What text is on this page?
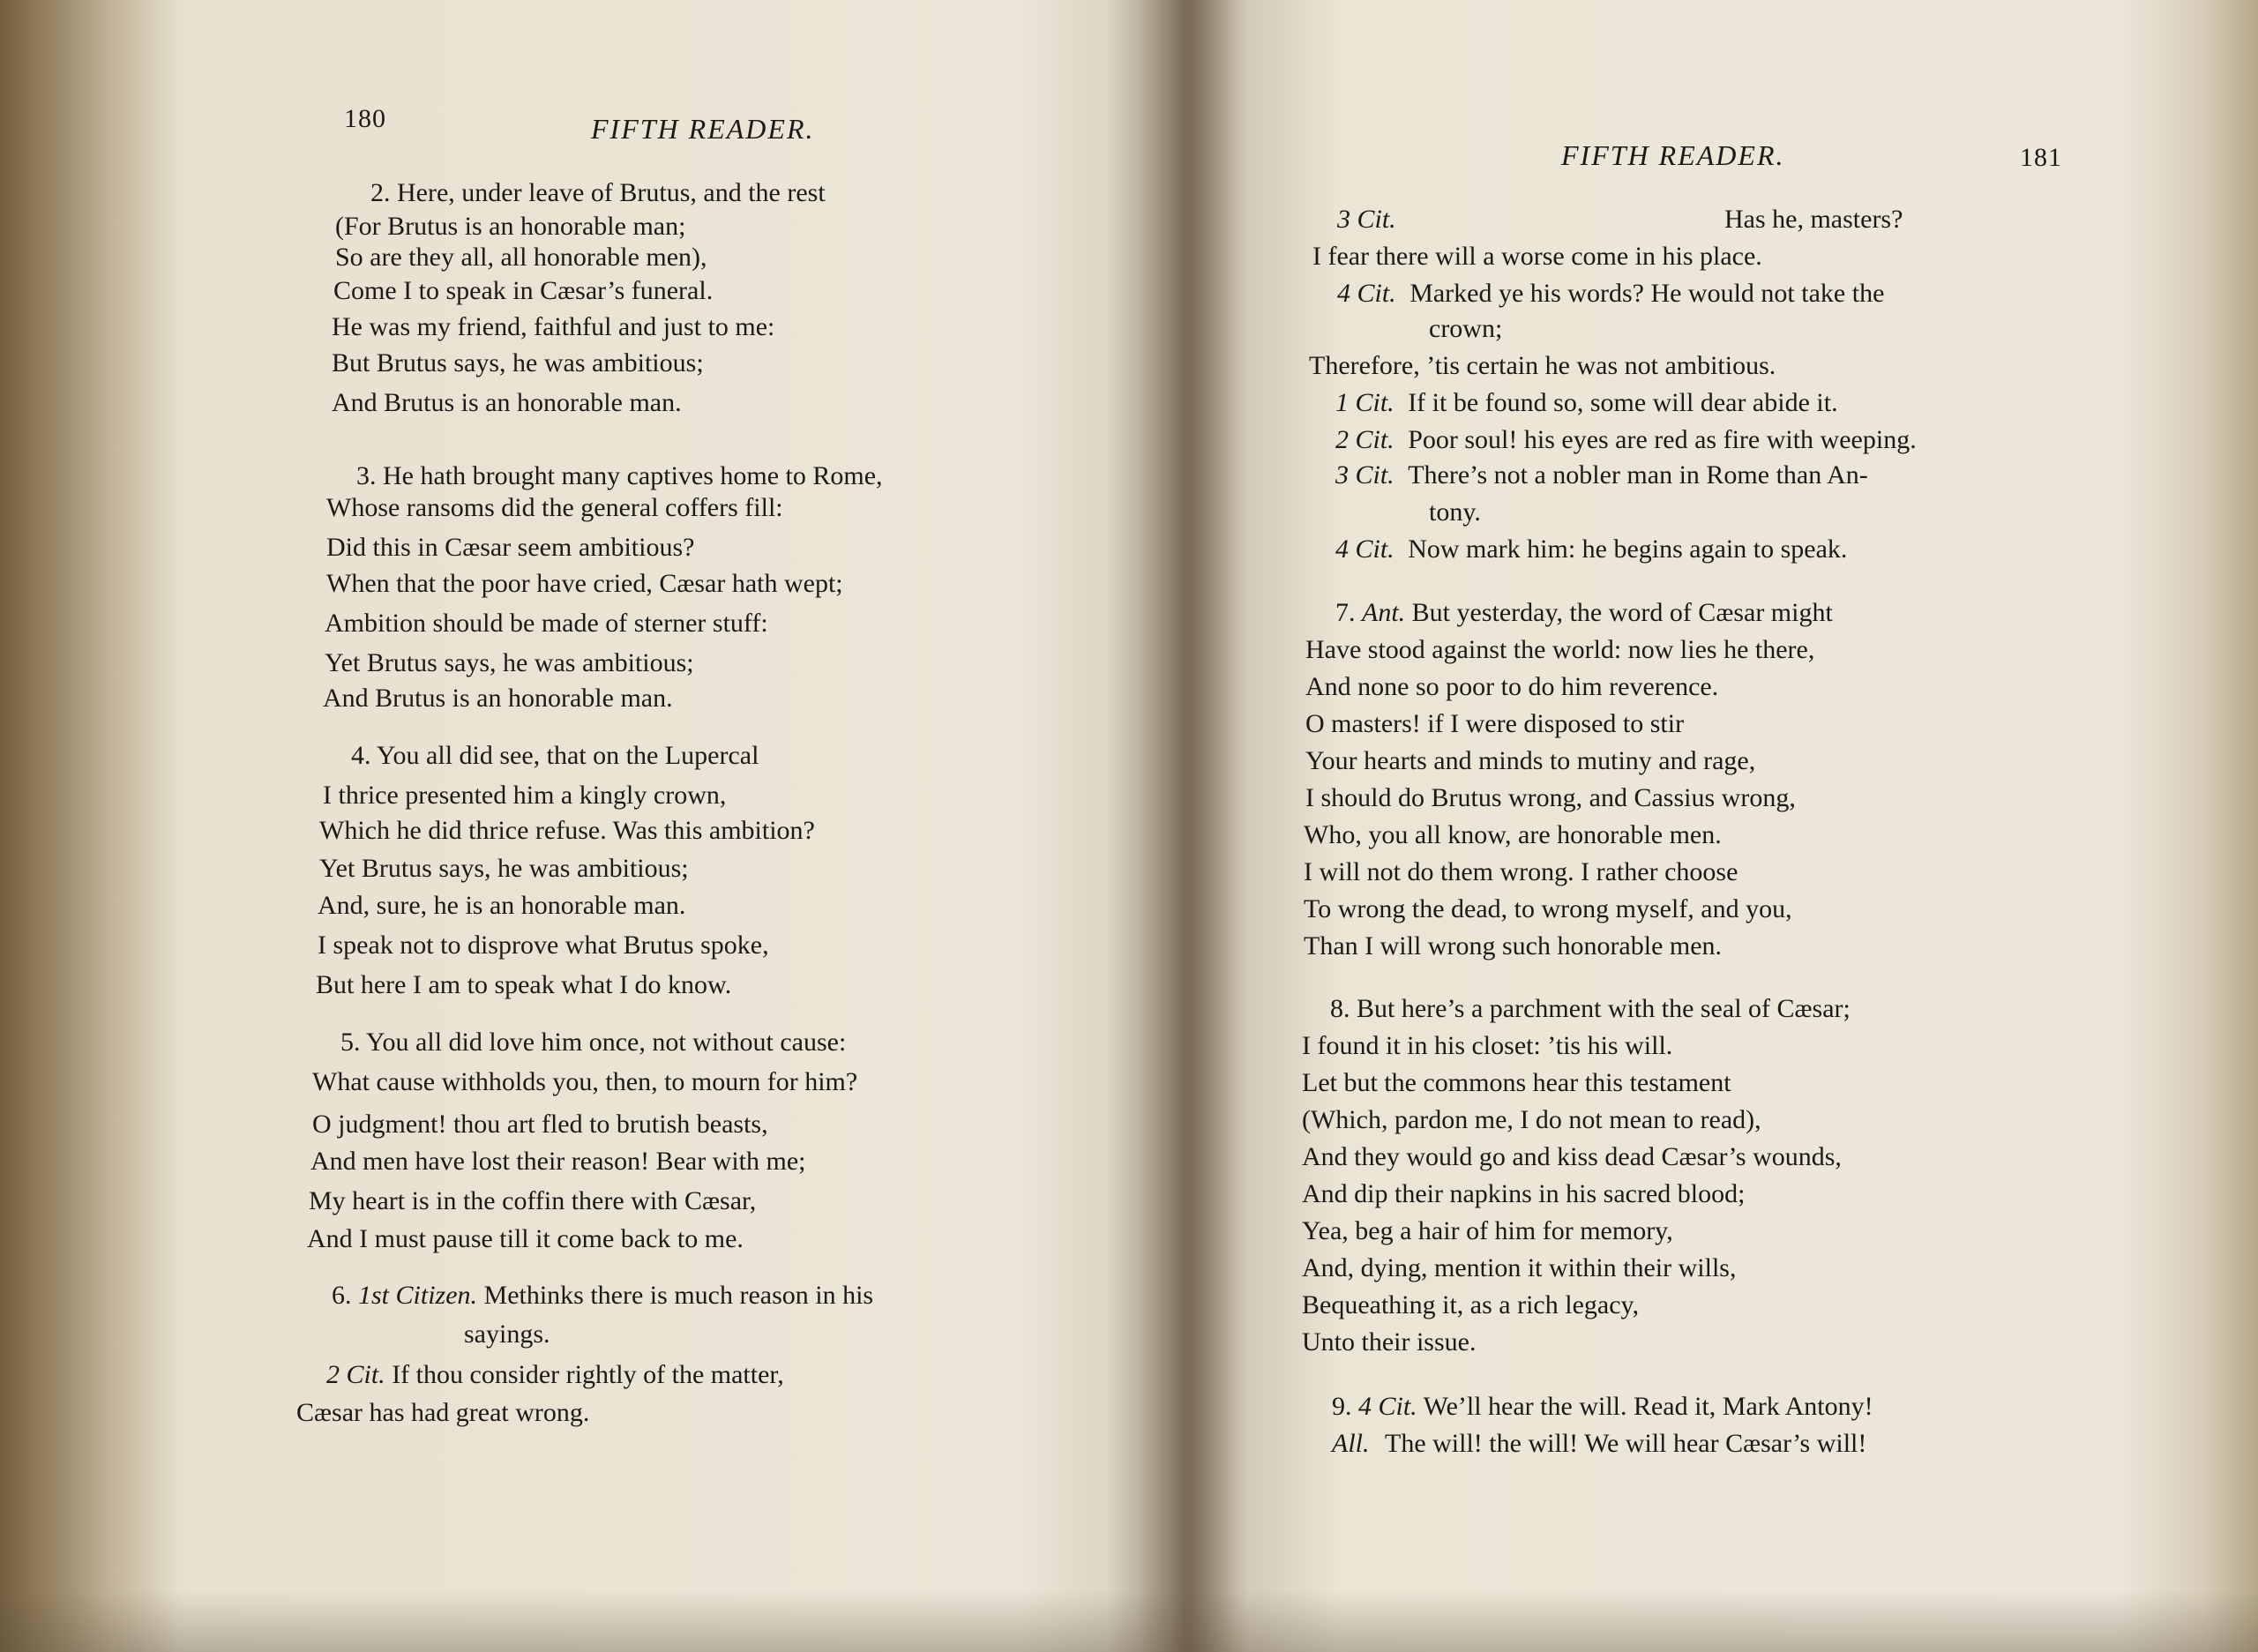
180	FIFTH READER.
2. Here, under leave of Brutus, and the rest
(For Brutus is an honorable man;
So are they all, all honorable men),
Come I to speak in Cæsar’s funeral.
He was my friend, faithful and just to me:
But Brutus says, he was ambitious;
And Brutus is an honorable man.
3. He hath brought many captives home to Rome,
Whose ransoms did the general coffers fill:
Did this in Cæsar seem ambitious?
When that the poor have cried, Cæsar hath wept;
Ambition should be made of sterner stuff:
Yet Brutus says, he was ambitious;
And Brutus is an honorable man.
4. You all did see, that on the Lupercal
I thrice presented him a kingly crown,
Which he did thrice refuse. Was this ambition?
Yet Brutus says, he was ambitious;
And, sure, he is an honorable man.
I speak not to disprove what Brutus spoke,
But here I am to speak what I do know.
5. You all did love him once, not without cause:
What cause withholds you, then, to mourn for him?
O judgment! thou art fled to brutish beasts,
And men have lost their reason! Bear with me;
My heart is in the coffin there with Cæsar,
And I must pause till it come back to me.
6. 1st Citizen. Methinks there is much reason in his
sayings.
2 Cit. If thou consider rightly of the matter,
Cæsar has had great wrong.
FIFTH READER.	181
3 Cit.	Has he, masters?
I fear there will a worse come in his place.
4 Cit. Marked ye his words? He would not take the
crown;
Therefore, ’tis certain he was not ambitious.
1 Cit. If it be found so, some will dear abide it.
2 Cit. Poor soul! his eyes are red as fire with weeping.
3 Cit. There’s not a nobler man in Rome than An-
tony.
4 Cit. Now mark him: he begins again to speak.
7. Ant. But yesterday, the word of Cæsar might
Have stood against the world: now lies he there,
And none so poor to do him reverence.
O masters! if I were disposed to stir
Your hearts and minds to mutiny and rage,
I should do Brutus wrong, and Cassius wrong,
Who, you all know, are honorable men.
I will not do them wrong. I rather choose
To wrong the dead, to wrong myself, and you,
Than I will wrong such honorable men.
8. But here’s a parchment with the seal of Cæsar;
I found it in his closet: ’tis his will.
Let but the commons hear this testament
(Which, pardon me, I do not mean to read),
And they would go and kiss dead Cæsar’s wounds,
And dip their napkins in his sacred blood;
Yea, beg a hair of him for memory,
And, dying, mention it within their wills,
Bequeathing it, as a rich legacy,
Unto their issue.
9. 4 Cit. We’ll hear the will. Read it, Mark Antony!
All. The will! the will! We will hear Cæsar’s will!
